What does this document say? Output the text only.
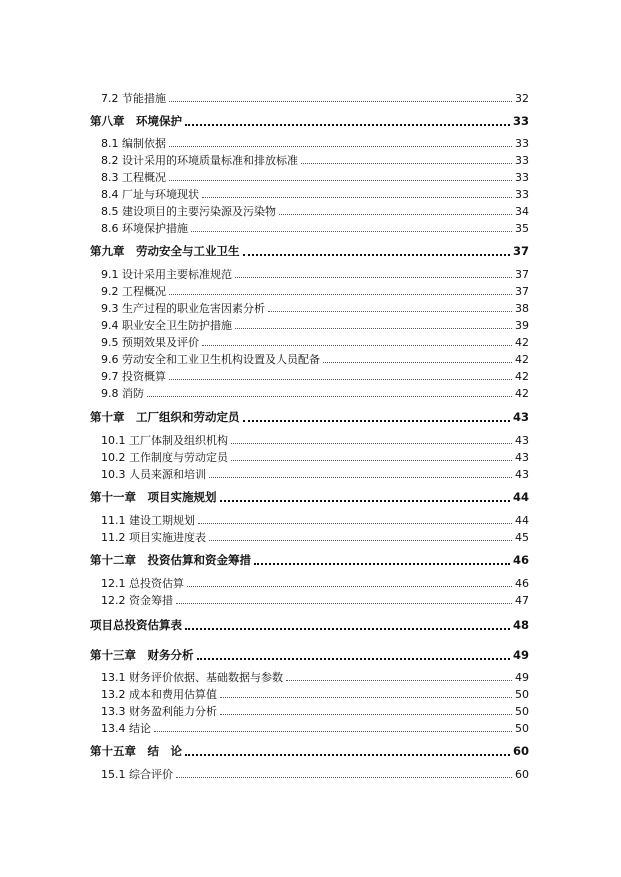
7.2 节能措施	32
第八章　环境保护	33
8.1 编制依据	33
8.2 设计采用的环境质量标准和排放标准	33
8.3 工程概况	33
8.4 厂址与环境现状	33
8.5 建设项目的主要污染源及污染物	34
8.6 环境保护措施	35
第九章　劳动安全与工业卫生	37
9.1 设计采用主要标准规范	37
9.2 工程概况	37
9.3 生产过程的职业危害因素分析	38
9.4 职业安全卫生防护措施	39
9.5 预期效果及评价	42
9.6 劳动安全和工业卫生机构设置及人员配备	42
9.7 投资概算	42
9.8 消防	42
第十章　工厂组织和劳动定员	43
10.1 工厂体制及组织机构	43
10.2 工作制度与劳动定员	43
10.3 人员来源和培训	43
第十一章　项目实施规划	44
11.1 建设工期规划	44
11.2 项目实施进度表	45
第十二章　投资估算和资金筹措	46
12.1 总投资估算	46
12.2 资金筹措	47
项目总投资估算表	48
第十三章　财务分析	49
13.1 财务评价依据、基础数据与参数	49
13.2 成本和费用估算值	50
13.3 财务盈利能力分析	50
13.4 结论	50
第十五章　结　论	60
15.1 综合评价	60
